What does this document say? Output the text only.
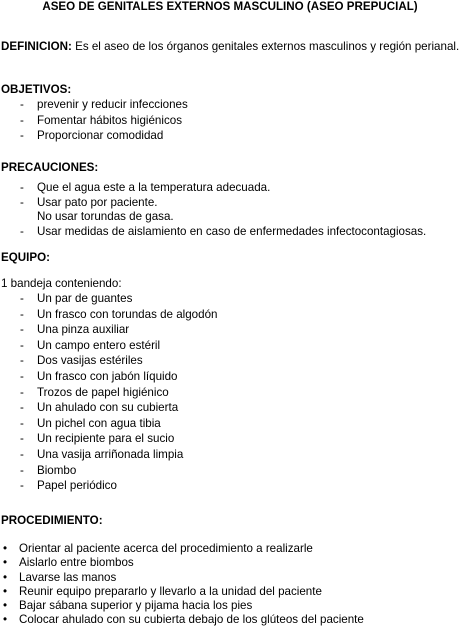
ASEO DE GENITALES EXTERNOS MASCULINO (ASEO PREPUCIAL)
DEFINICION: Es el aseo de los órganos genitales externos masculinos y región perianal.
OBJETIVOS:
- prevenir y reducir infecciones
- Fomentar hábitos higiénicos
- Proporcionar comodidad
PRECAUCIONES:
- Que el agua este a la temperatura adecuada.
- Usar pato por paciente.
No usar torundas de gasa.
- Usar medidas de aislamiento en caso de enfermedades infectocontagiosas.
EQUIPO:
1 bandeja conteniendo:
- Un par de guantes
- Un frasco con torundas de algodón
- Una pinza auxiliar
- Un campo entero estéril
- Dos vasijas estériles
- Un frasco con jabón líquido
- Trozos de papel higiénico
- Un ahulado con su cubierta
- Un pichel con agua tibia
- Un recipiente para el sucio
- Una vasija arriñonada limpia
- Biombo
- Papel periódico
PROCEDIMIENTO:
• Orientar al paciente acerca del procedimiento a realizarle
• Aislarlo entre biombos
• Lavarse las manos
• Reunir equipo prepararlo y llevarlo a la unidad del paciente
• Bajar sábana superior y pijama hacia los pies
• Colocar ahulado con su cubierta debajo de los glúteos del paciente
